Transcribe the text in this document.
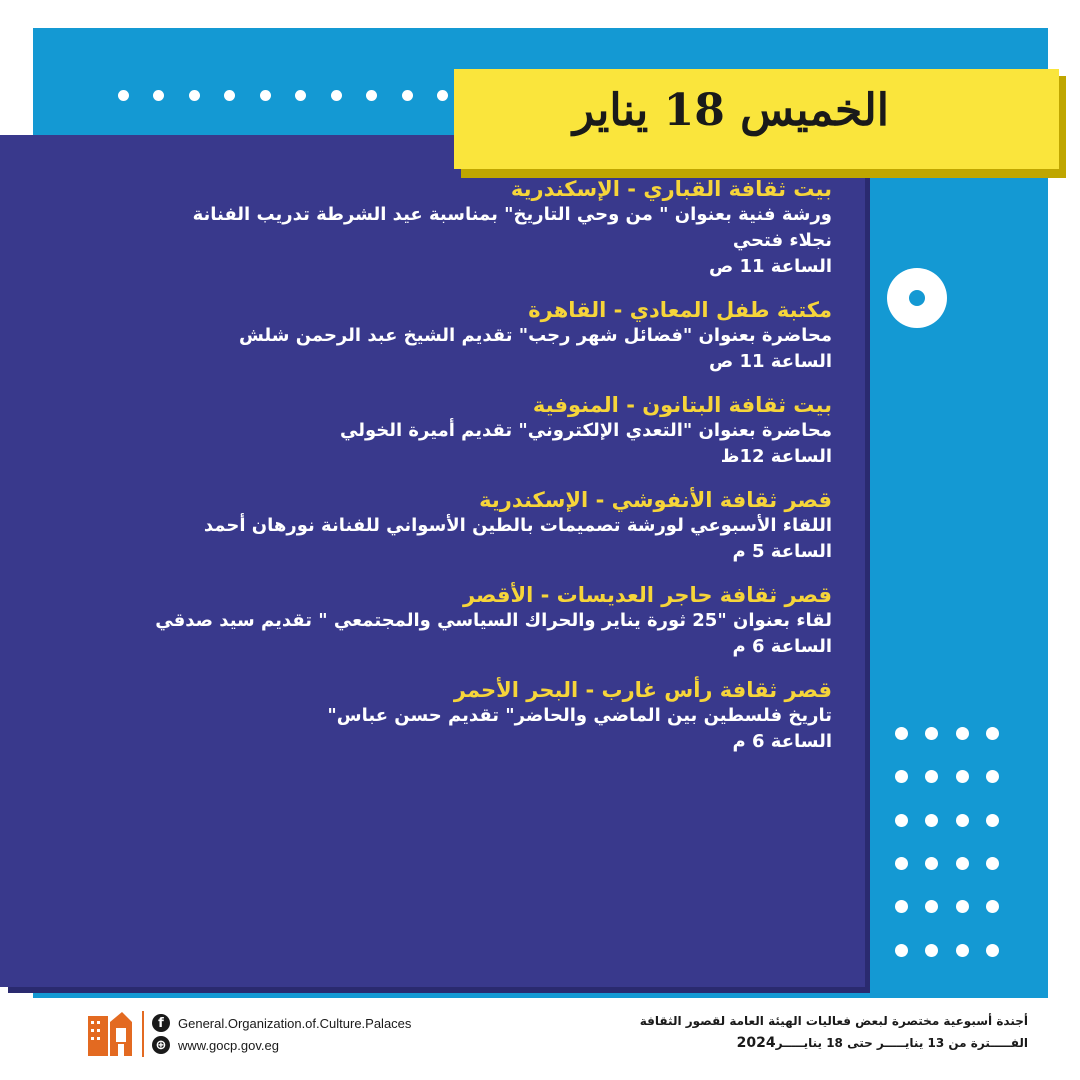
الخميس 18 يناير
بيت ثقافة القباري - الإسكندرية
ورشة فنية بعنوان " من وحي التاريخ" بمناسبة عيد الشرطة تدريب الفنانة
نجلاء فتحي
الساعة 11 ص
مكتبة طفل المعادي - القاهرة
محاضرة بعنوان "فضائل شهر رجب" تقديم الشيخ عبد الرحمن شلش
الساعة 11 ص
بيت ثقافة البتانون - المنوفية
محاضرة بعنوان "التعدي الإلكتروني" تقديم أميرة الخولي
الساعة 12ظ
قصر ثقافة الأنفوشي - الإسكندرية
اللقاء الأسبوعي لورشة تصميمات بالطين الأسواني للفنانة نورهان أحمد
الساعة 5 م
قصر ثقافة حاجر العديسات - الأقصر
لقاء بعنوان "25 ثورة يناير والحراك السياسي والمجتمعي " تقديم سيد صدقي
الساعة 6 م
قصر ثقافة رأس غارب - البحر الأحمر
تاريخ فلسطين بين الماضي والحاضر" تقديم حسن عباس"
الساعة 6 م
f	General.Organization.of.Culture.Palaces
⊕ www.gocp.gov.eg
أجندة أسبوعية مختصرة لبعض فعاليات الهيئة العامة لقصور الثقافة
الفـــــترة من 13 ينايـــــر حتى 18 ينايـــــر2024
